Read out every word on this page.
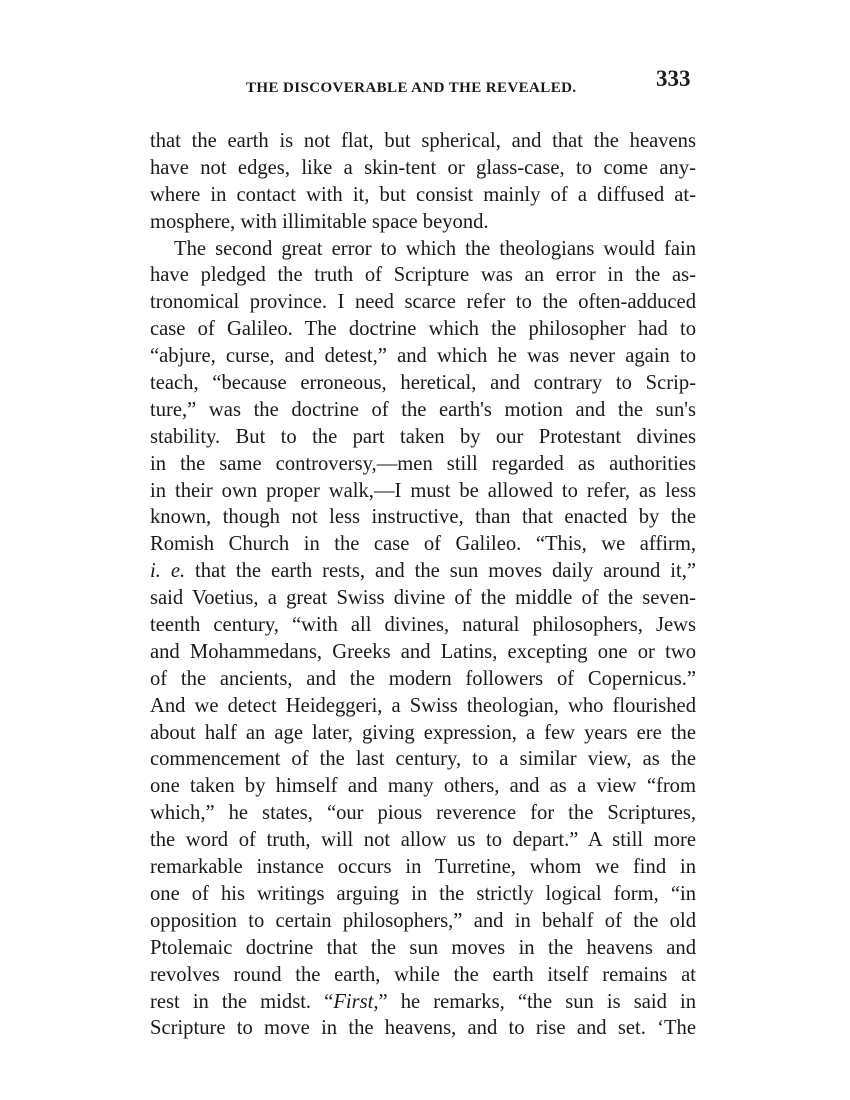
THE DISCOVERABLE AND THE REVEALED.	333
that the earth is not flat, but spherical, and that the heavens
have not edges, like a skin-tent or glass-case, to come any-
where in contact with it, but consist mainly of a diffused at-
mosphere, with illimitable space beyond.
The second great error to which the theologians would fain
have pledged the truth of Scripture was an error in the as-
tronomical province. I need scarce refer to the often-adduced
case of Galileo. The doctrine which the philosopher had to
“abjure, curse, and detest,” and which he was never again to
teach, “because erroneous, heretical, and contrary to Scrip-
ture,” was the doctrine of the earth's motion and the sun's
stability. But to the part taken by our Protestant divines
in the same controversy,—men still regarded as authorities
in their own proper walk,—I must be allowed to refer, as less
known, though not less instructive, than that enacted by the
Romish Church in the case of Galileo. “This, we affirm,
i. e. that the earth rests, and the sun moves daily around it,”
said Voetius, a great Swiss divine of the middle of the seven-
teenth century, “with all divines, natural philosophers, Jews
and Mohammedans, Greeks and Latins, excepting one or two
of the ancients, and the modern followers of Copernicus.”
And we detect Heideggeri, a Swiss theologian, who flourished
about half an age later, giving expression, a few years ere the
commencement of the last century, to a similar view, as the
one taken by himself and many others, and as a view “from
which,” he states, “our pious reverence for the Scriptures,
the word of truth, will not allow us to depart.” A still more
remarkable instance occurs in Turretine, whom we find in
one of his writings arguing in the strictly logical form, “in
opposition to certain philosophers,” and in behalf of the old
Ptolemaic doctrine that the sun moves in the heavens and
revolves round the earth, while the earth itself remains at
rest in the midst. “First,” he remarks, “the sun is said in
Scripture to move in the heavens, and to rise and set. ‘The
